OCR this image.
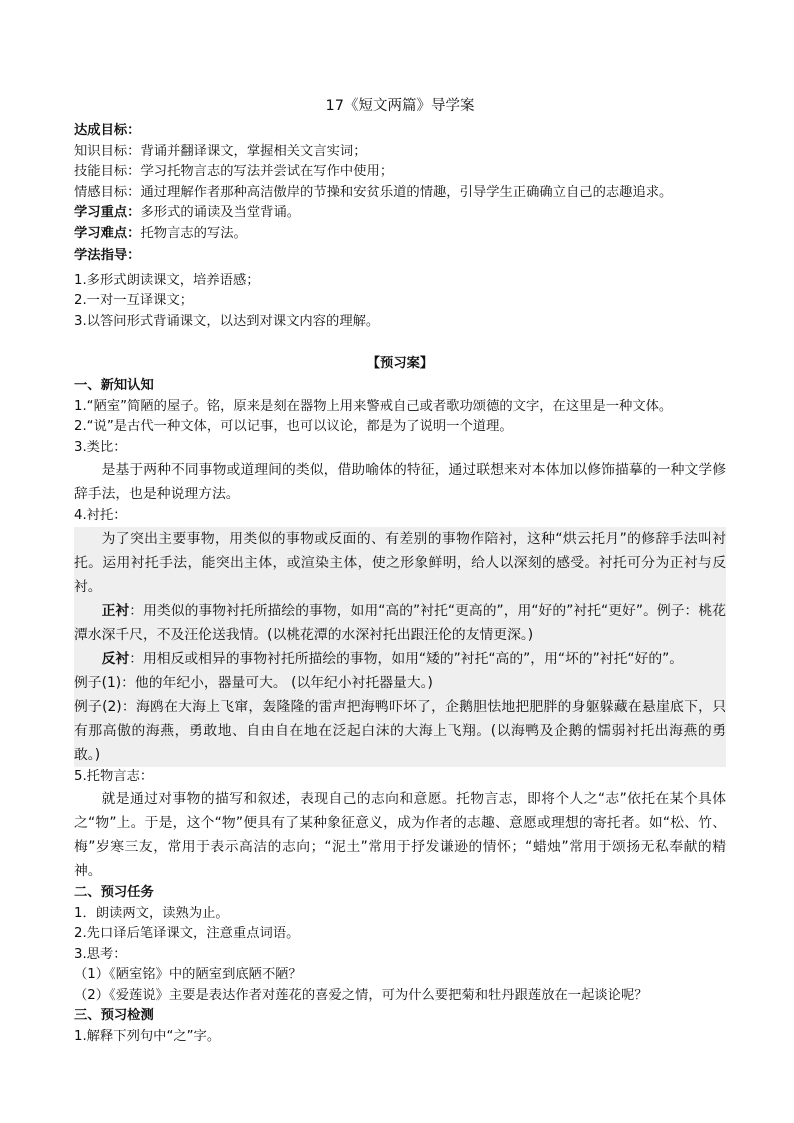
17《短文两篇》导学案

达成目标：

知识目标：背诵并翻译课文，掌握相关文言实词；

技能目标：学习托物言志的写法并尝试在写作中使用；

情感目标：通过理解作者那种高洁傲岸的节操和安贫乐道的情趣，引导学生正确确立自己的志趣追求。

学习重点：多形式的诵读及当堂背诵。

学习难点：托物言志的写法。

学法指导：

1.多形式朗读课文，培养语感；

2.一对一互译课文；

3.以答问形式背诵课文，以达到对课文内容的理解。

【预习案】

一、新知认知

1.“陋室”简陋的屋子。铭，原来是刻在器物上用来警戒自己或者歌功颂德的文字，在这里是一种文体。

2.“说”是古代一种文体，可以记事，也可以议论，都是为了说明一个道理。

3.类比：

是基于两种不同事物或道理间的类似，借助喻体的特征，通过联想来对本体加以修饰描摹的一种文学修辞手法，也是种说理方法。

4.衬托：

为了突出主要事物，用类似的事物或反面的、有差别的事物作陪衬，这种“烘云托月”的修辞手法叫衬托。运用衬托手法，能突出主体，或渲染主体，使之形象鲜明，给人以深刻的感受。衬托可分为正衬与反衬。

正衬：用类似的事物衬托所描绘的事物，如用“高的”衬托“更高的”，用“好的”衬托“更好”。例子：桃花潭水深千尺，不及汪伦送我情。(以桃花潭的水深衬托出跟汪伦的友情更深。)

反衬：用相反或相异的事物衬托所描绘的事物，如用“矮的”衬托“高的”，用“坏的”衬托“好的”。

例子(1)：他的年纪小，器量可大。 (以年纪小衬托器量大。)

例子(2)：海鸥在大海上飞窜，轰隆隆的雷声把海鸭吓坏了，企鹅胆怯地把肥胖的身躯躲藏在悬崖底下，只有那高傲的海燕，勇敢地、自由自在地在泛起白沫的大海上飞翔。(以海鸭及企鹅的懦弱衬托出海燕的勇敢。)

5.托物言志：

就是通过对事物的描写和叙述，表现自己的志向和意愿。托物言志，即将个人之“志”依托在某个具体之“物”上。于是，这个“物”便具有了某种象征意义，成为作者的志趣、意愿或理想的寄托者。如“松、竹、梅”岁寒三友，常用于表示高洁的志向；“泥土”常用于抒发谦逊的情怀；“蜡烛”常用于颂扬无私奉献的精神。

二、预习任务

1．朗读两文，读熟为止。

2.先口译后笔译课文，注意重点词语。

3.思考：

（1）《陋室铭》中的陋室到底陋不陋？

（2）《爱莲说》主要是表达作者对莲花的喜爱之情，可为什么要把菊和牡丹跟莲放在一起谈论呢？

三、预习检测

1.解释下列句中“之”字。
